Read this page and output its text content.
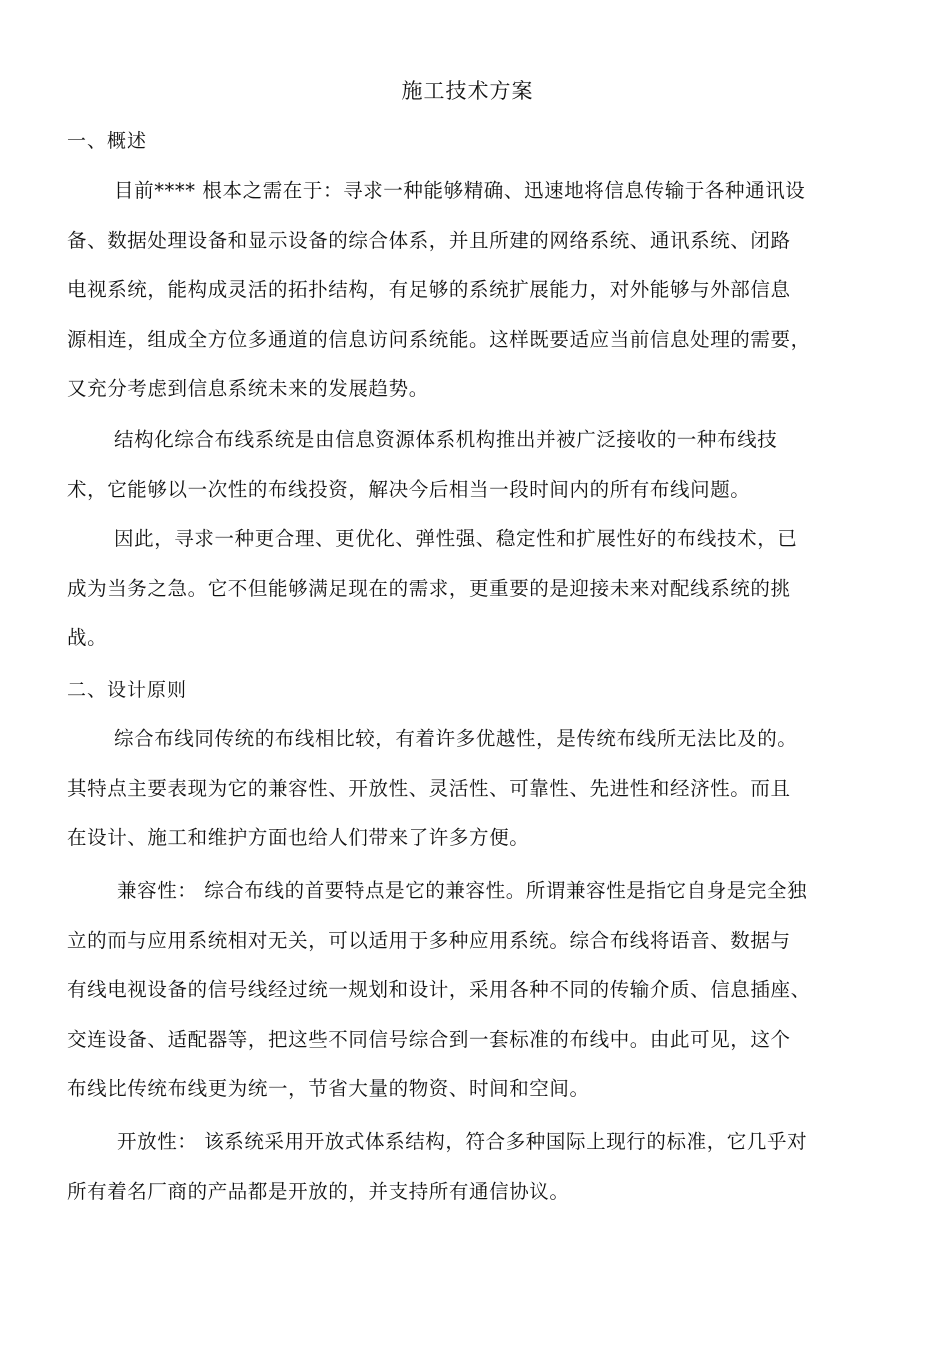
施工技术方案
一、概述
目前**** 根本之需在于：寻求一种能够精确、迅速地将信息传输于各种通讯设
备、数据处理设备和显示设备的综合体系，并且所建的网络系统、通讯系统、闭路
电视系统，能构成灵活的拓扑结构，有足够的系统扩展能力，对外能够与外部信息
源相连，组成全方位多通道的信息访问系统能。这样既要适应当前信息处理的需要，
又充分考虑到信息系统未来的发展趋势。
结构化综合布线系统是由信息资源体系机构推出并被广泛接收的一种布线技
术，它能够以一次性的布线投资，解决今后相当一段时间内的所有布线问题。
因此，寻求一种更合理、更优化、弹性强、稳定性和扩展性好的布线技术，已
成为当务之急。它不但能够满足现在的需求，更重要的是迎接未来对配线系统的挑
战。
二、设计原则
综合布线同传统的布线相比较，有着许多优越性，是传统布线所无法比及的。
其特点主要表现为它的兼容性、开放性、灵活性、可靠性、先进性和经济性。而且
在设计、施工和维护方面也给人们带来了许多方便。
兼容性： 综合布线的首要特点是它的兼容性。所谓兼容性是指它自身是完全独
立的而与应用系统相对无关，可以适用于多种应用系统。综合布线将语音、数据与
有线电视设备的信号线经过统一规划和设计，采用各种不同的传输介质、信息插座、
交连设备、适配器等，把这些不同信号综合到一套标准的布线中。由此可见，这个
布线比传统布线更为统一，节省大量的物资、时间和空间。
开放性： 该系统采用开放式体系结构，符合多种国际上现行的标准，它几乎对
所有着名厂商的产品都是开放的，并支持所有通信协议。
